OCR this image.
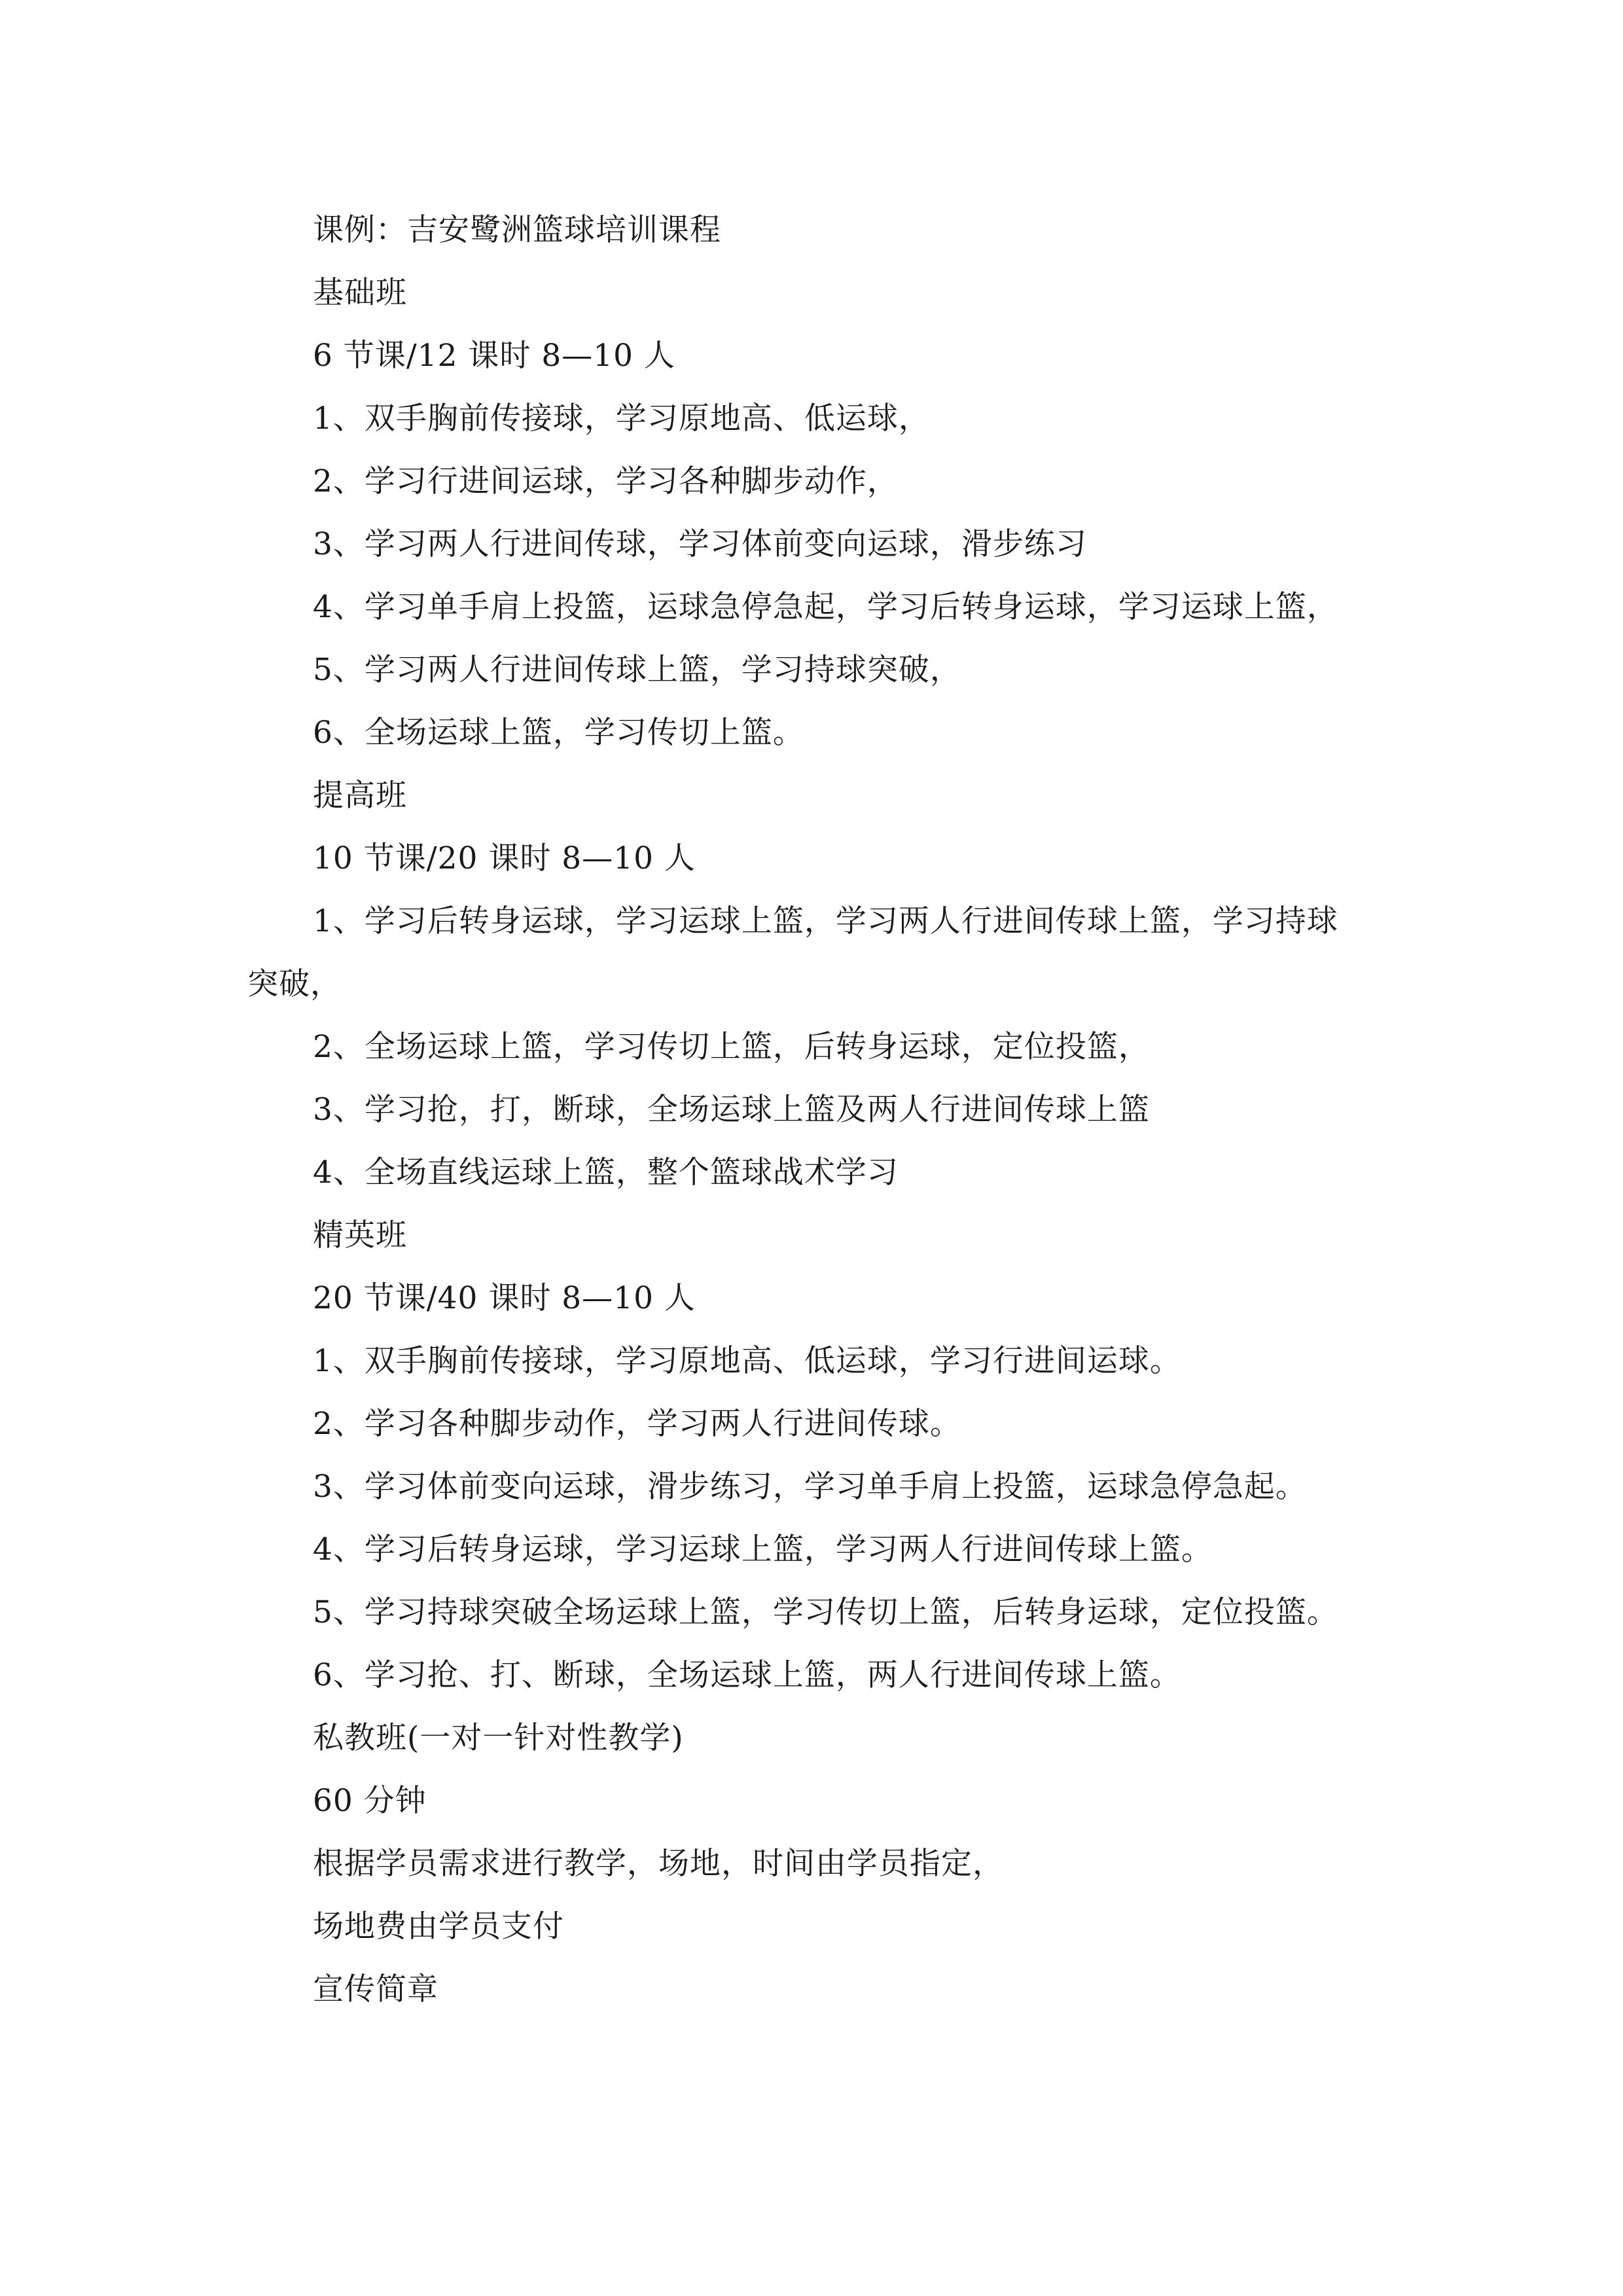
课例：吉安鹭洲篮球培训课程
基础班
6 节课/12 课时 8—10 人
1、双手胸前传接球，学习原地高、低运球，
2、学习行进间运球，学习各种脚步动作，
3、学习两人行进间传球，学习体前变向运球，滑步练习
4、学习单手肩上投篮，运球急停急起，学习后转身运球，学习运球上篮，
5、学习两人行进间传球上篮，学习持球突破，
6、全场运球上篮，学习传切上篮。
提高班
10 节课/20 课时 8—10 人
1、学习后转身运球，学习运球上篮，学习两人行进间传球上篮，学习持球
突破，
2、全场运球上篮，学习传切上篮，后转身运球，定位投篮，
3、学习抢，打，断球，全场运球上篮及两人行进间传球上篮
4、全场直线运球上篮，整个篮球战术学习
精英班
20 节课/40 课时 8—10 人
1、双手胸前传接球，学习原地高、低运球，学习行进间运球。
2、学习各种脚步动作，学习两人行进间传球。
3、学习体前变向运球，滑步练习，学习单手肩上投篮，运球急停急起。
4、学习后转身运球，学习运球上篮，学习两人行进间传球上篮。
5、学习持球突破全场运球上篮，学习传切上篮，后转身运球，定位投篮。
6、学习抢、打、断球，全场运球上篮，两人行进间传球上篮。
私教班(一对一针对性教学)
60 分钟
根据学员需求进行教学，场地，时间由学员指定，
场地费由学员支付
宣传简章
